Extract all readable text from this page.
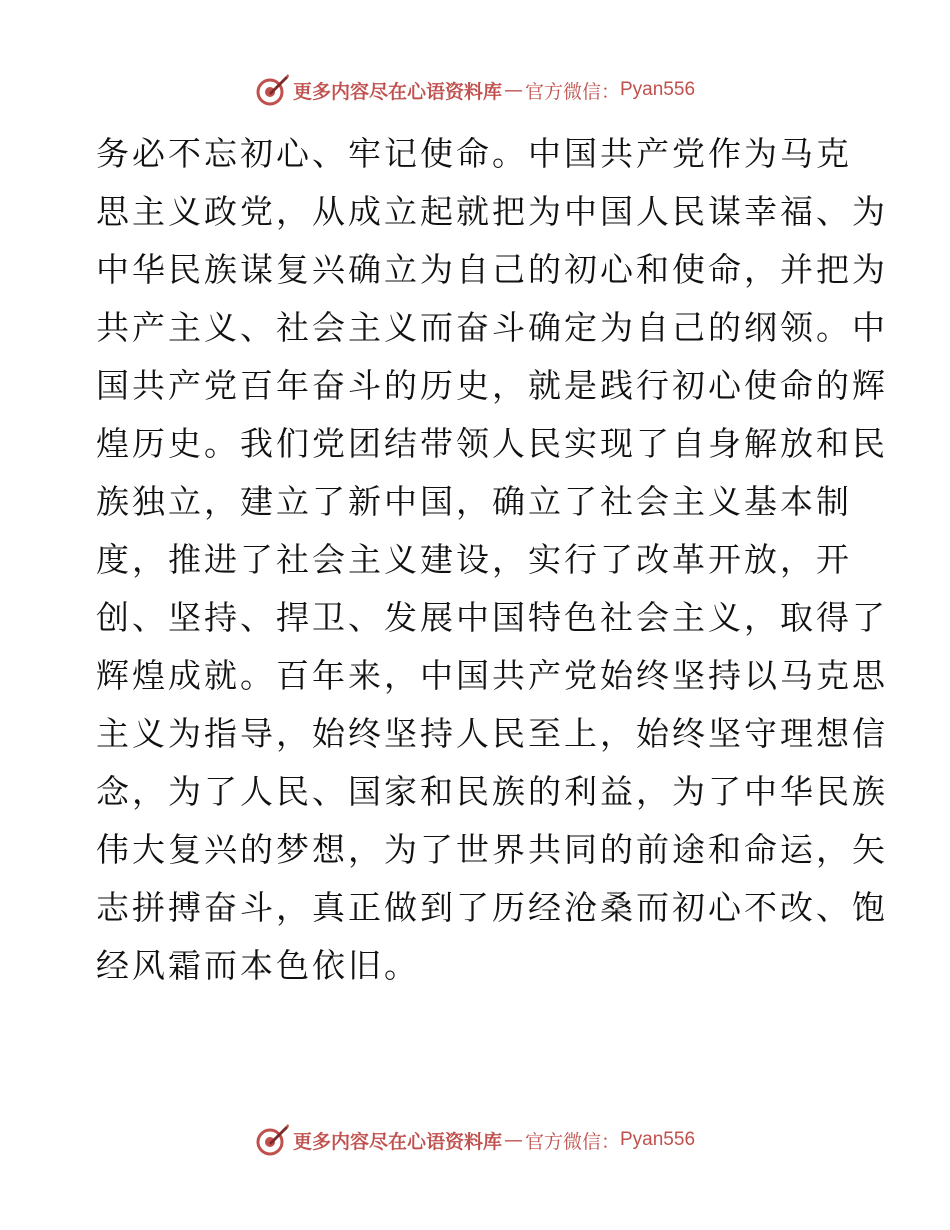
更多内容尽在心语资料库 — 官方微信： Pyan556
务必不忘初心、牢记使命。中国共产党作为马克
思主义政党，从成立起就把为中国人民谋幸福、为
中华民族谋复兴确立为自己的初心和使命，并把为
共产主义、社会主义而奋斗确定为自己的纲领。中
国共产党百年奋斗的历史，就是践行初心使命的辉
煌历史。我们党团结带领人民实现了自身解放和民
族独立，建立了新中国，确立了社会主义基本制
度，推进了社会主义建设，实行了改革开放，开
创、坚持、捍卫、发展中国特色社会主义，取得了
辉煌成就。百年来，中国共产党始终坚持以马克思
主义为指导，始终坚持人民至上，始终坚守理想信
念，为了人民、国家和民族的利益，为了中华民族
伟大复兴的梦想，为了世界共同的前途和命运，矢
志拼搏奋斗，真正做到了历经沧桑而初心不改、饱
经风霜而本色依旧。
更多内容尽在心语资料库 — 官方微信： Pyan556
